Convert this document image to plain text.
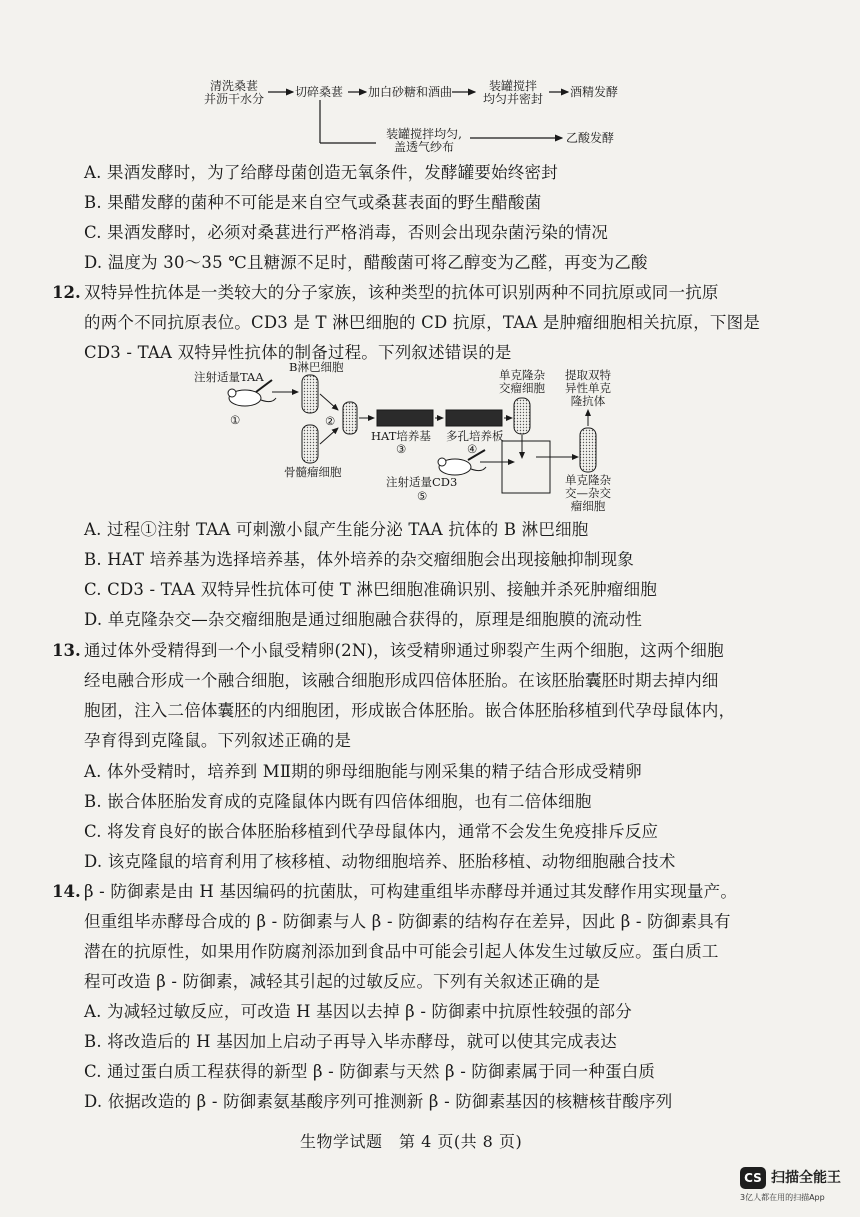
清洗桑葚
并沥干水分	切碎桑葚 加白砂糖和酒曲	装罐搅拌
均匀并密封	酒精发酵
装罐搅拌均匀,
盖透气纱布
乙酸发酵
A. 果酒发酵时，为了给酵母菌创造无氧条件，发酵罐要始终密封
B. 果醋发酵的菌种不可能是来自空气或桑葚表面的野生醋酸菌
C. 果酒发酵时，必须对桑葚进行严格消毒，否则会出现杂菌污染的情况
D. 温度为 30～35 ℃且糖源不足时，醋酸菌可将乙醇变为乙醛，再变为乙酸
12. 双特异性抗体是一类较大的分子家族，该种类型的抗体可识别两种不同抗原或同一抗原
的两个不同抗原表位。CD3 是 T 淋巴细胞的 CD 抗原，TAA 是肿瘤细胞相关抗原，下图是
CD3 - TAA 双特异性抗体的制备过程。下列叙述错误的是
注射适量TAA
①
B淋巴细胞
②
骨髓瘤细胞
HAT培养基
③
多孔培养板
④
单克隆杂
交瘤细胞
提取双特
异性单克
隆抗体
注射适量CD3
⑤
单克隆杂
交—杂交
瘤细胞
A. 过程①注射 TAA 可刺激小鼠产生能分泌 TAA 抗体的 B 淋巴细胞
B. HAT 培养基为选择培养基，体外培养的杂交瘤细胞会出现接触抑制现象
C. CD3 - TAA 双特异性抗体可使 T 淋巴细胞准确识别、接触并杀死肿瘤细胞
D. 单克隆杂交—杂交瘤细胞是通过细胞融合获得的，原理是细胞膜的流动性
13. 通过体外受精得到一个小鼠受精卵(2N)，该受精卵通过卵裂产生两个细胞，这两个细胞
经电融合形成一个融合细胞，该融合细胞形成四倍体胚胎。在该胚胎囊胚时期去掉内细
胞团，注入二倍体囊胚的内细胞团，形成嵌合体胚胎。嵌合体胚胎移植到代孕母鼠体内，
孕育得到克隆鼠。下列叙述正确的是
A. 体外受精时，培养到 MⅡ期的卵母细胞能与刚采集的精子结合形成受精卵
B. 嵌合体胚胎发育成的克隆鼠体内既有四倍体细胞，也有二倍体细胞
C. 将发育良好的嵌合体胚胎移植到代孕母鼠体内，通常不会发生免疫排斥反应
D. 该克隆鼠的培育利用了核移植、动物细胞培养、胚胎移植、动物细胞融合技术
14. β - 防御素是由 H 基因编码的抗菌肽，可构建重组毕赤酵母并通过其发酵作用实现量产。
但重组毕赤酵母合成的 β - 防御素与人 β - 防御素的结构存在差异，因此 β - 防御素具有
潜在的抗原性，如果用作防腐剂添加到食品中可能会引起人体发生过敏反应。蛋白质工
程可改造 β - 防御素，减轻其引起的过敏反应。下列有关叙述正确的是
A. 为减轻过敏反应，可改造 H 基因以去掉 β - 防御素中抗原性较强的部分
B. 将改造后的 H 基因加上启动子再导入毕赤酵母，就可以使其完成表达
C. 通过蛋白质工程获得的新型 β - 防御素与天然 β - 防御素属于同一种蛋白质
D. 依据改造的 β - 防御素氨基酸序列可推测新 β - 防御素基因的核糖核苷酸序列
生物学试题　第 4 页(共 8 页)
CS 扫描全能王
3亿人都在用的扫描App
